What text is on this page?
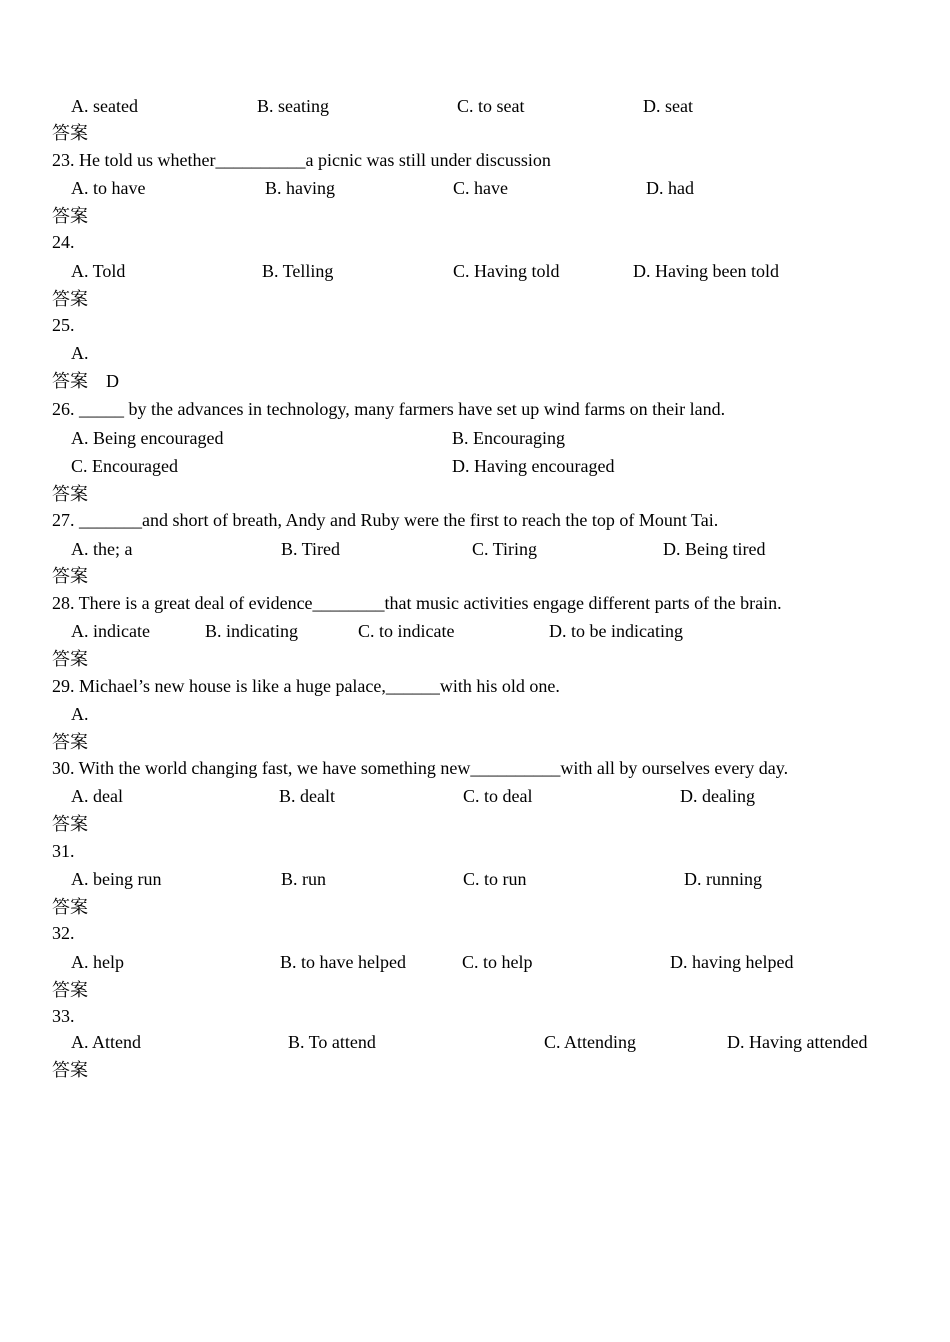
A. seated	B. seating	C. to seat	D. seat
答案
23. He told us whether__________a picnic was still under discussion
A. to have	B. having	C. have	D. had
答案
24.
A. Told	B. Telling	C. Having told	D. Having been told
答案
25.
A.
答案 D
26. _____ by the advances in technology, many farmers have set up wind farms on their land.
A. Being encouraged	B. Encouraging
C. Encouraged	D. Having encouraged
答案
27. _______and short of breath, Andy and Ruby were the first to reach the top of Mount Tai.
A. the; a	B. Tired	C. Tiring	D. Being tired
答案
28. There is a great deal of evidence________that music activities engage different parts of the brain.
A. indicate	B. indicating	C. to indicate	D. to be indicating
答案
29. Michael’s new house is like a huge palace,______with his old one.
A.
答案
30. With the world changing fast, we have something new__________with all by ourselves every day.
A. deal	B. dealt	C. to deal	D. dealing
答案
31.
A. being run	B. run	C. to run	D. running
答案
32.
A. help	B. to have helped	C. to help	D. having helped
答案
33.
A. Attend	B. To attend	C. Attending	D. Having attended
答案
